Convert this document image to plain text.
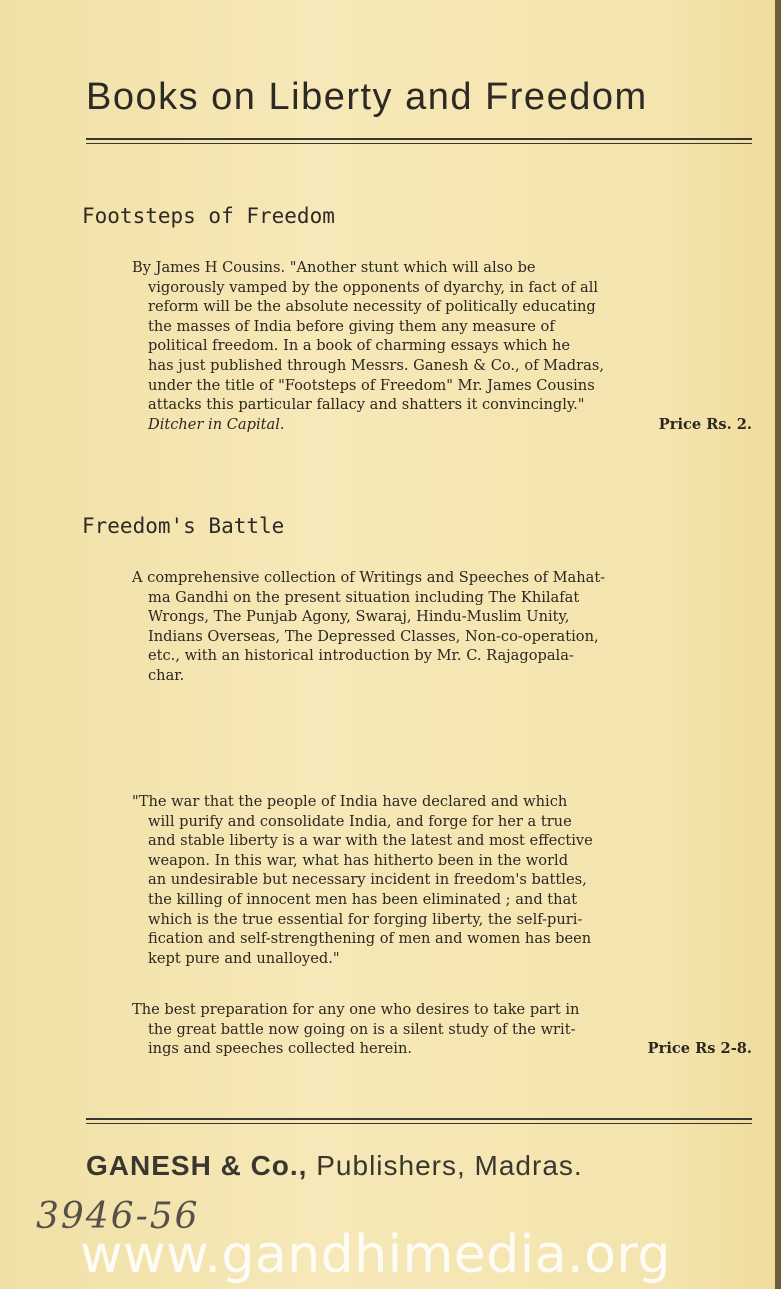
Books on Liberty and Freedom
Footsteps of Freedom
By James H Cousins. "Another stunt which will also be
vigorously vamped by the opponents of dyarchy, in fact of all
reform will be the absolute necessity of politically educating
the masses of India before giving them any measure of
political freedom. In a book of charming essays which he
has just published through Messrs. Ganesh & Co., of Madras,
under the title of "Footsteps of Freedom" Mr. James Cousins
attacks this particular fallacy and shatters it convincingly."
Ditcher in Capital.	Price Rs. 2.
Freedom's Battle
A comprehensive collection of Writings and Speeches of Mahat-
ma Gandhi on the present situation including The Khilafat
Wrongs, The Punjab Agony, Swaraj, Hindu-Muslim Unity,
Indians Overseas, The Depressed Classes, Non-co-operation,
etc., with an historical introduction by Mr. C. Rajagopala-
char.
"The war that the people of India have declared and which
will purify and consolidate India, and forge for her a true
and stable liberty is a war with the latest and most effective
weapon. In this war, what has hitherto been in the world
an undesirable but necessary incident in freedom's battles,
the killing of innocent men has been eliminated ; and that
which is the true essential for forging liberty, the self-puri-
fication and self-strengthening of men and women has been
kept pure and unalloyed."
The best preparation for any one who desires to take part in
the great battle now going on is a silent study of the writ-
ings and speeches collected herein.	Price Rs 2-8.
GANESH & Co., Publishers, Madras.
3946-56
www.gandhimedia.org
